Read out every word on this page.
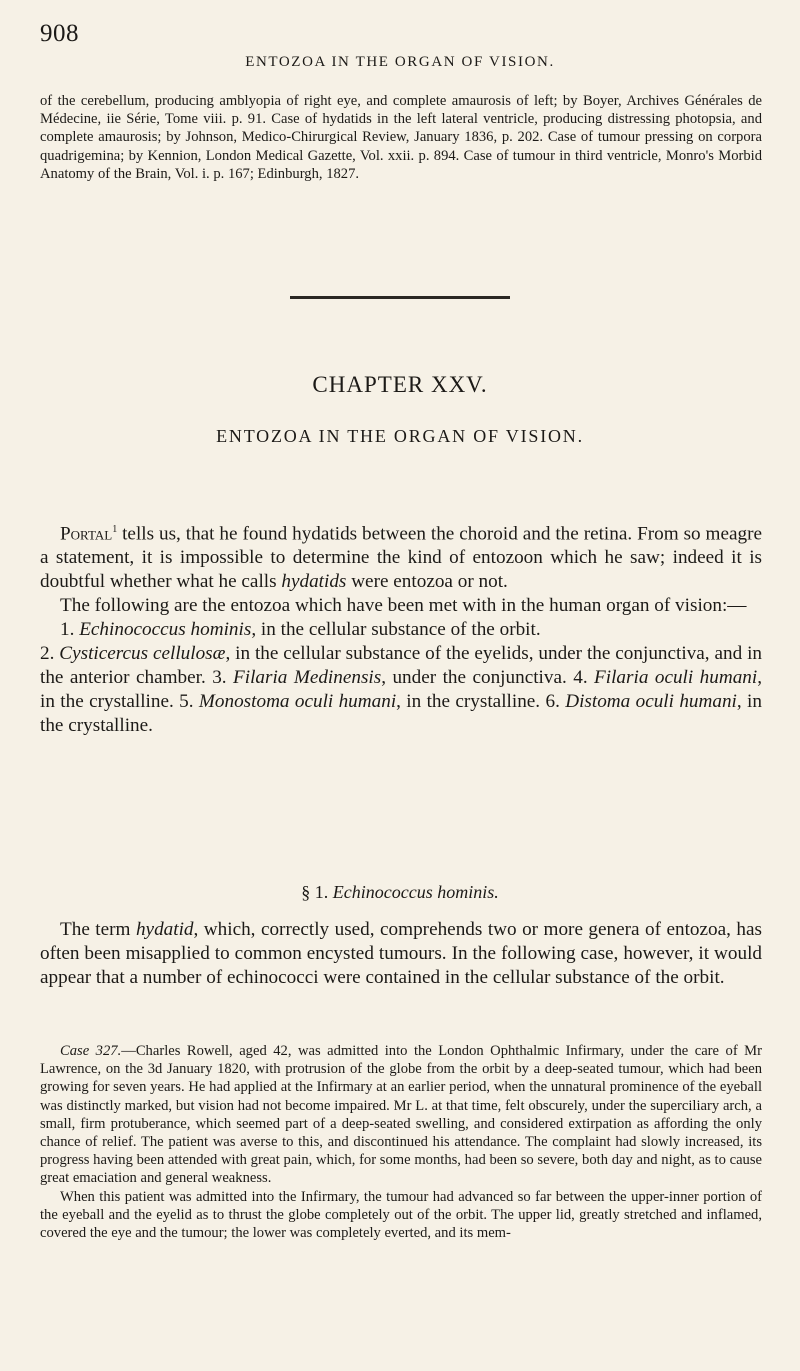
908
ENTOZOA IN THE ORGAN OF VISION.

of the cerebellum, producing amblyopia of right eye, and complete amaurosis of left; by Boyer, Archives Générales de Médecine, iie Série, Tome viii. p. 91. Case of hydatids in the left lateral ventricle, producing distressing photopsia, and complete amaurosis; by Johnson, Medico-Chirurgical Review, January 1836, p. 202. Case of tumour pressing on corpora quadrigemina; by Kennion, London Medical Gazette, Vol. xxii. p. 894. Case of tumour in third ventricle, Monro's Morbid Anatomy of the Brain, Vol. i. p. 167; Edinburgh, 1827.

CHAPTER XXV.
ENTOZOA IN THE ORGAN OF VISION.

Portal$^1$ tells us, that he found hydatids between the choroid and the retina. From so meagre a statement, it is impossible to determine the kind of entozoon which he saw; indeed it is doubtful whether what he calls hydatids were entozoa or not.

The following are the entozoa which have been met with in the human organ of vision:—
1. Echinococcus hominis, in the cellular substance of the orbit.
2. Cysticercus cellulosæ, in the cellular substance of the eyelids, under the conjunctiva, and in the anterior chamber. 3. Filaria Medinensis, under the conjunctiva. 4. Filaria oculi humani, in the crystalline. 5. Monostoma oculi humani, in the crystalline. 6. Distoma oculi humani, in the crystalline.

§ 1. Echinococcus hominis.

The term hydatid, which, correctly used, comprehends two or more genera of entozoa, has often been misapplied to common encysted tumours. In the following case, however, it would appear that a number of echinococci were contained in the cellular substance of the orbit.

Case 327.—Charles Rowell, aged 42, was admitted into the London Ophthalmic Infirmary, under the care of Mr Lawrence, on the 3d January 1820, with protrusion of the globe from the orbit by a deep-seated tumour, which had been growing for seven years. He had applied at the Infirmary at an earlier period, when the unnatural prominence of the eyeball was distinctly marked, but vision had not become impaired. Mr L. at that time, felt obscurely, under the superciliary arch, a small, firm protuberance, which seemed part of a deep-seated swelling, and considered extirpation as affording the only chance of relief. The patient was averse to this, and discontinued his attendance. The complaint had slowly increased, its progress having been attended with great pain, which, for some months, had been so severe, both day and night, as to cause great emaciation and general weakness.

When this patient was admitted into the Infirmary, the tumour had advanced so far between the upper-inner portion of the eyeball and the eyelid as to thrust the globe completely out of the orbit. The upper lid, greatly stretched and inflamed, covered the eye and the tumour; the lower was completely everted, and its mem-
